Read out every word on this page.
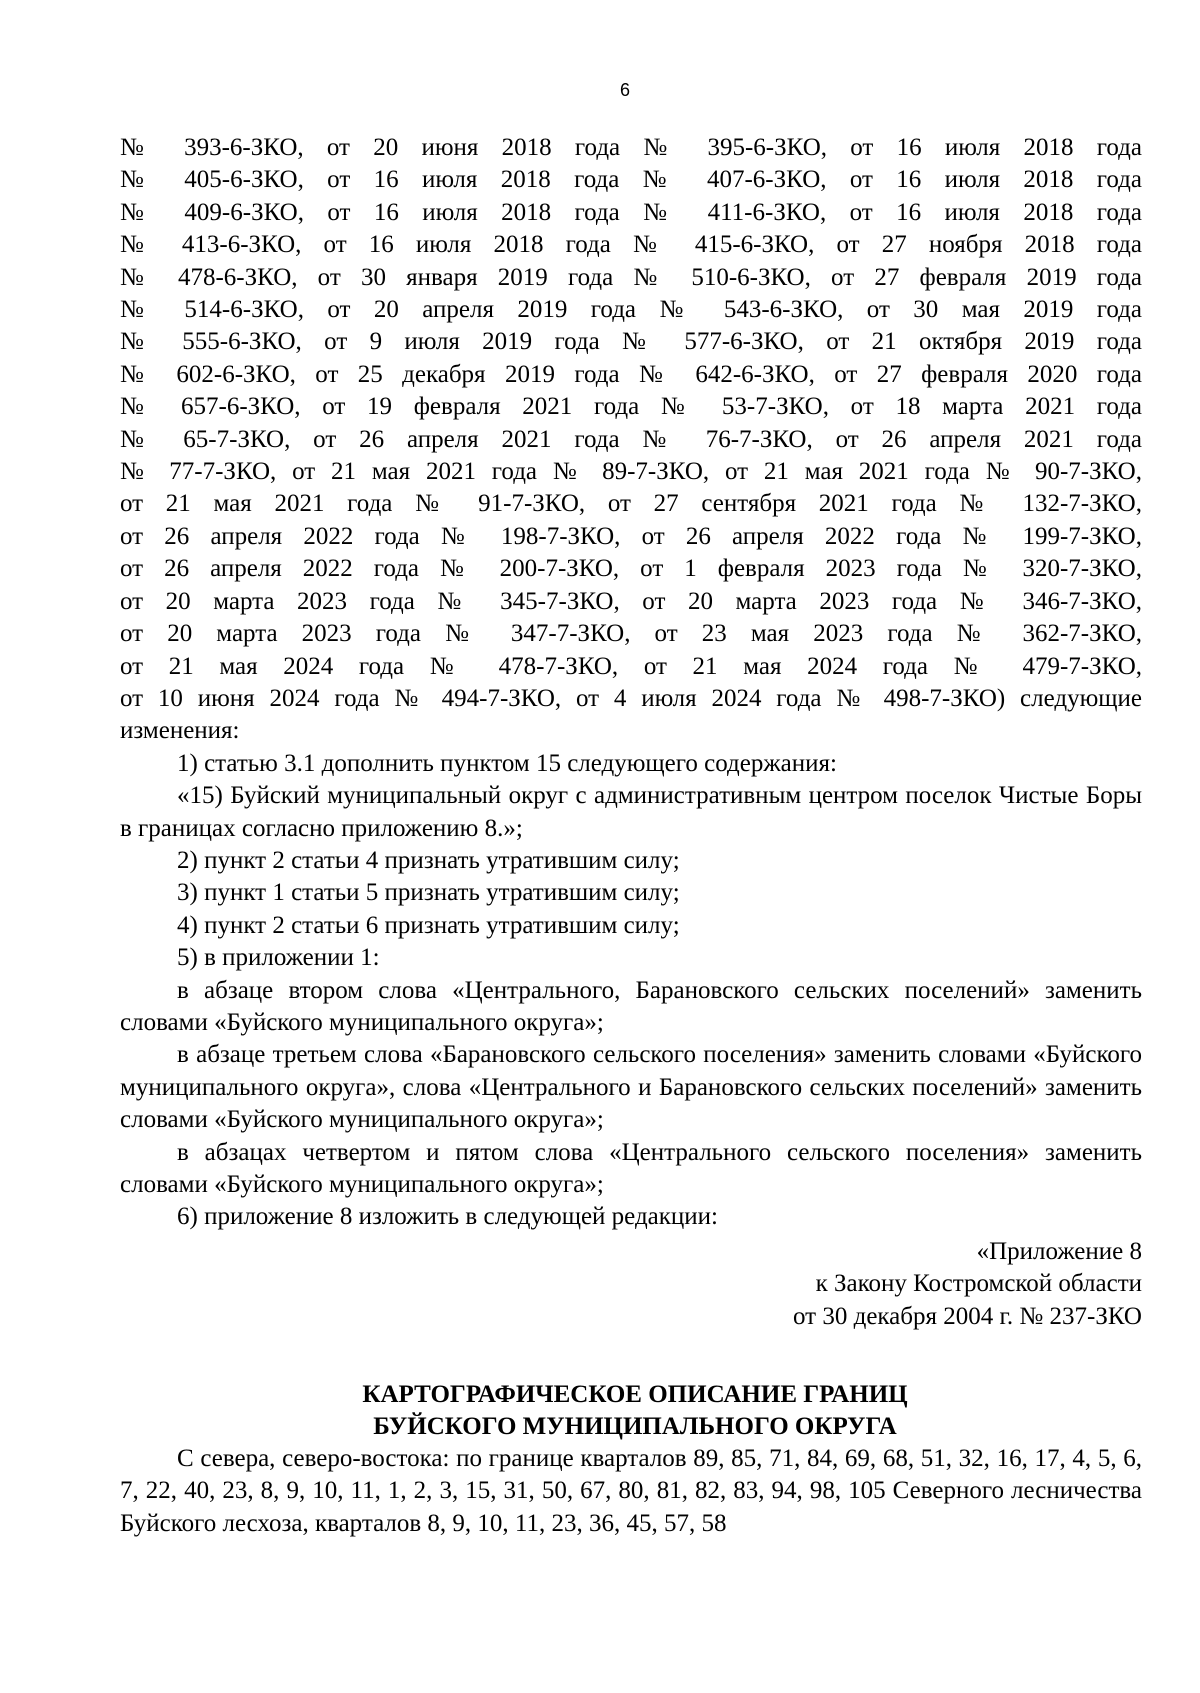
6

№ 393-6-ЗКО, от 20 июня 2018 года № 395-6-ЗКО, от 16 июля 2018 года
№ 405-6-ЗКО, от 16 июля 2018 года № 407-6-ЗКО, от 16 июля 2018 года
№ 409-6-ЗКО, от 16 июля 2018 года № 411-6-ЗКО, от 16 июля 2018 года
№ 413-6-ЗКО, от 16 июля 2018 года № 415-6-ЗКО, от 27 ноября 2018 года
№ 478-6-ЗКО, от 30 января 2019 года № 510-6-ЗКО, от 27 февраля 2019 года
№ 514-6-ЗКО, от 20 апреля 2019 года № 543-6-ЗКО, от 30 мая 2019 года
№ 555-6-ЗКО, от 9 июля 2019 года № 577-6-ЗКО, от 21 октября 2019 года
№ 602-6-ЗКО, от 25 декабря 2019 года № 642-6-ЗКО, от 27 февраля 2020 года
№ 657-6-ЗКО, от 19 февраля 2021 года № 53-7-ЗКО, от 18 марта 2021 года
№ 65-7-ЗКО, от 26 апреля 2021 года № 76-7-ЗКО, от 26 апреля 2021 года
№ 77-7-ЗКО, от 21 мая 2021 года № 89-7-ЗКО, от 21 мая 2021 года № 90-7-ЗКО,
от 21 мая 2021 года № 91-7-ЗКО, от 27 сентября 2021 года № 132-7-ЗКО,
от 26 апреля 2022 года № 198-7-ЗКО, от 26 апреля 2022 года № 199-7-ЗКО,
от 26 апреля 2022 года № 200-7-ЗКО, от 1 февраля 2023 года № 320-7-ЗКО,
от 20 марта 2023 года № 345-7-ЗКО, от 20 марта 2023 года № 346-7-ЗКО,
от 20 марта 2023 года № 347-7-ЗКО, от 23 мая 2023 года № 362-7-ЗКО,
от 21 мая 2024 года № 478-7-ЗКО, от 21 мая 2024 года № 479-7-ЗКО,
от 10 июня 2024 года № 494-7-ЗКО, от 4 июля 2024 года № 498-7-ЗКО) следующие
изменения:

1) статью 3.1 дополнить пунктом 15 следующего содержания:

«15) Буйский муниципальный округ с административным центром поселок Чистые Боры в границах согласно приложению 8.»;

2) пункт 2 статьи 4 признать утратившим силу;

3) пункт 1 статьи 5 признать утратившим силу;

4) пункт 2 статьи 6 признать утратившим силу;

5) в приложении 1:

в абзаце втором слова «Центрального, Барановского сельских поселений» заменить словами «Буйского муниципального округа»;

в абзаце третьем слова «Барановского сельского поселения» заменить словами «Буйского муниципального округа», слова «Центрального и Барановского сельских поселений» заменить словами «Буйского муниципального округа»;

в абзацах четвертом и пятом слова «Центрального сельского поселения» заменить словами «Буйского муниципального округа»;

6) приложение 8 изложить в следующей редакции:

«Приложение 8
к Закону Костромской области
от 30 декабря 2004 г. № 237-ЗКО
КАРТОГРАФИЧЕСКОЕ ОПИСАНИЕ ГРАНИЦ
БУЙСКОГО МУНИЦИПАЛЬНОГО ОКРУГА

С севера, северо-востока: по границе кварталов 89, 85, 71, 84, 69, 68, 51, 32, 16, 17, 4, 5, 6, 7, 22, 40, 23, 8, 9, 10, 11, 1, 2, 3, 15, 31, 50, 67, 80, 81, 82, 83, 94, 98, 105 Северного лесничества Буйского лесхоза, кварталов 8, 9, 10, 11, 23, 36, 45, 57, 58
